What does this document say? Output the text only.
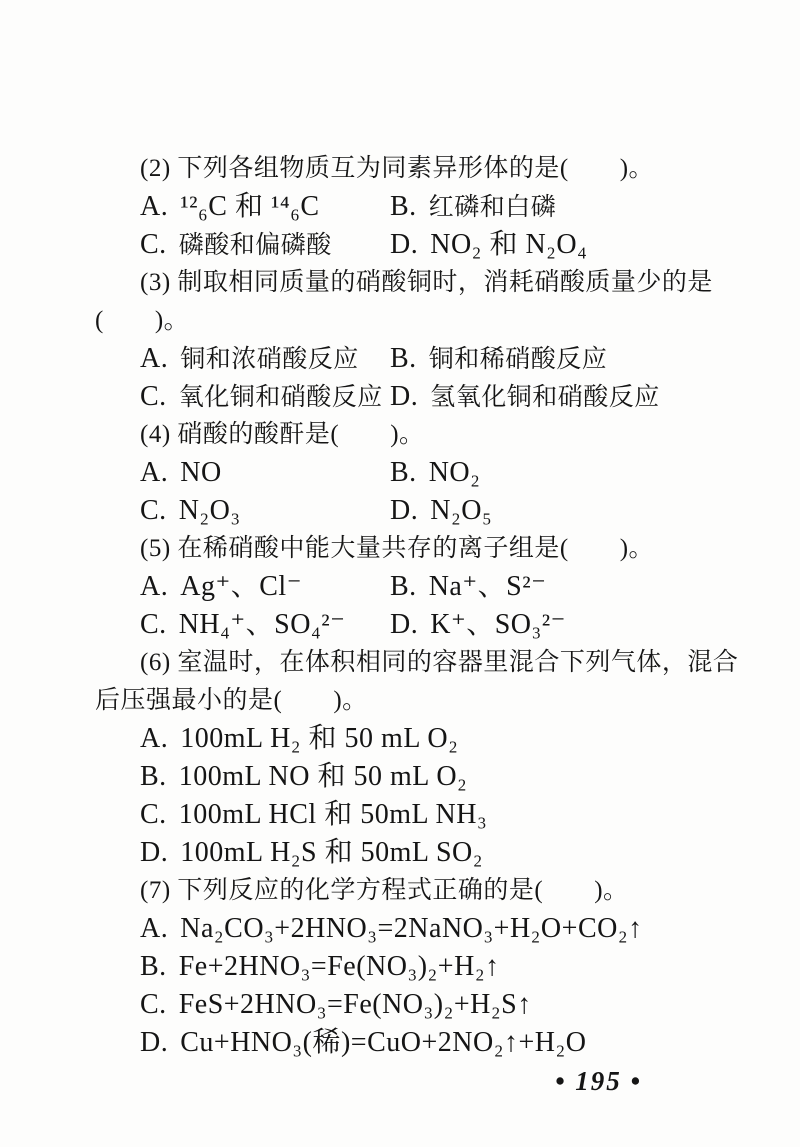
(2) 下列各组物质互为同素异形体的是(　　)。
A. ¹²₆C 和 ¹⁴₆C	B. 红磷和白磷
C. 磷酸和偏磷酸 D. NO₂ 和 N₂O₄
(3) 制取相同质量的硝酸铜时，消耗硝酸质量少的是
(　　)。
A. 铜和浓硝酸反应 B. 铜和稀硝酸反应
C. 氧化铜和硝酸反应 D. 氢氧化铜和硝酸反应
(4) 硝酸的酸酐是(　　)。
A. NO	B. NO₂
C. N₂O₃	D. N₂O₅
(5) 在稀硝酸中能大量共存的离子组是(　　)。
A. Ag⁺、Cl⁻	B. Na⁺、S²⁻
C. NH₄⁺、SO₄²⁻ D. K⁺、SO₃²⁻
(6) 室温时，在体积相同的容器里混合下列气体，混合
后压强最小的是(　　)。
A. 100mL H₂ 和 50 mL O₂
B. 100mL NO 和 50 mL O₂
C. 100mL HCl 和 50mL NH₃
D. 100mL H₂S 和 50mL SO₂
(7) 下列反应的化学方程式正确的是(　　)。
A. Na₂CO₃+2HNO₃=2NaNO₃+H₂O+CO₂↑
B. Fe+2HNO₃=Fe(NO₃)₂+H₂↑
C. FeS+2HNO₃=Fe(NO₃)₂+H₂S↑
D. Cu+HNO₃(稀)=CuO+2NO₂↑+H₂O
• 195 •
